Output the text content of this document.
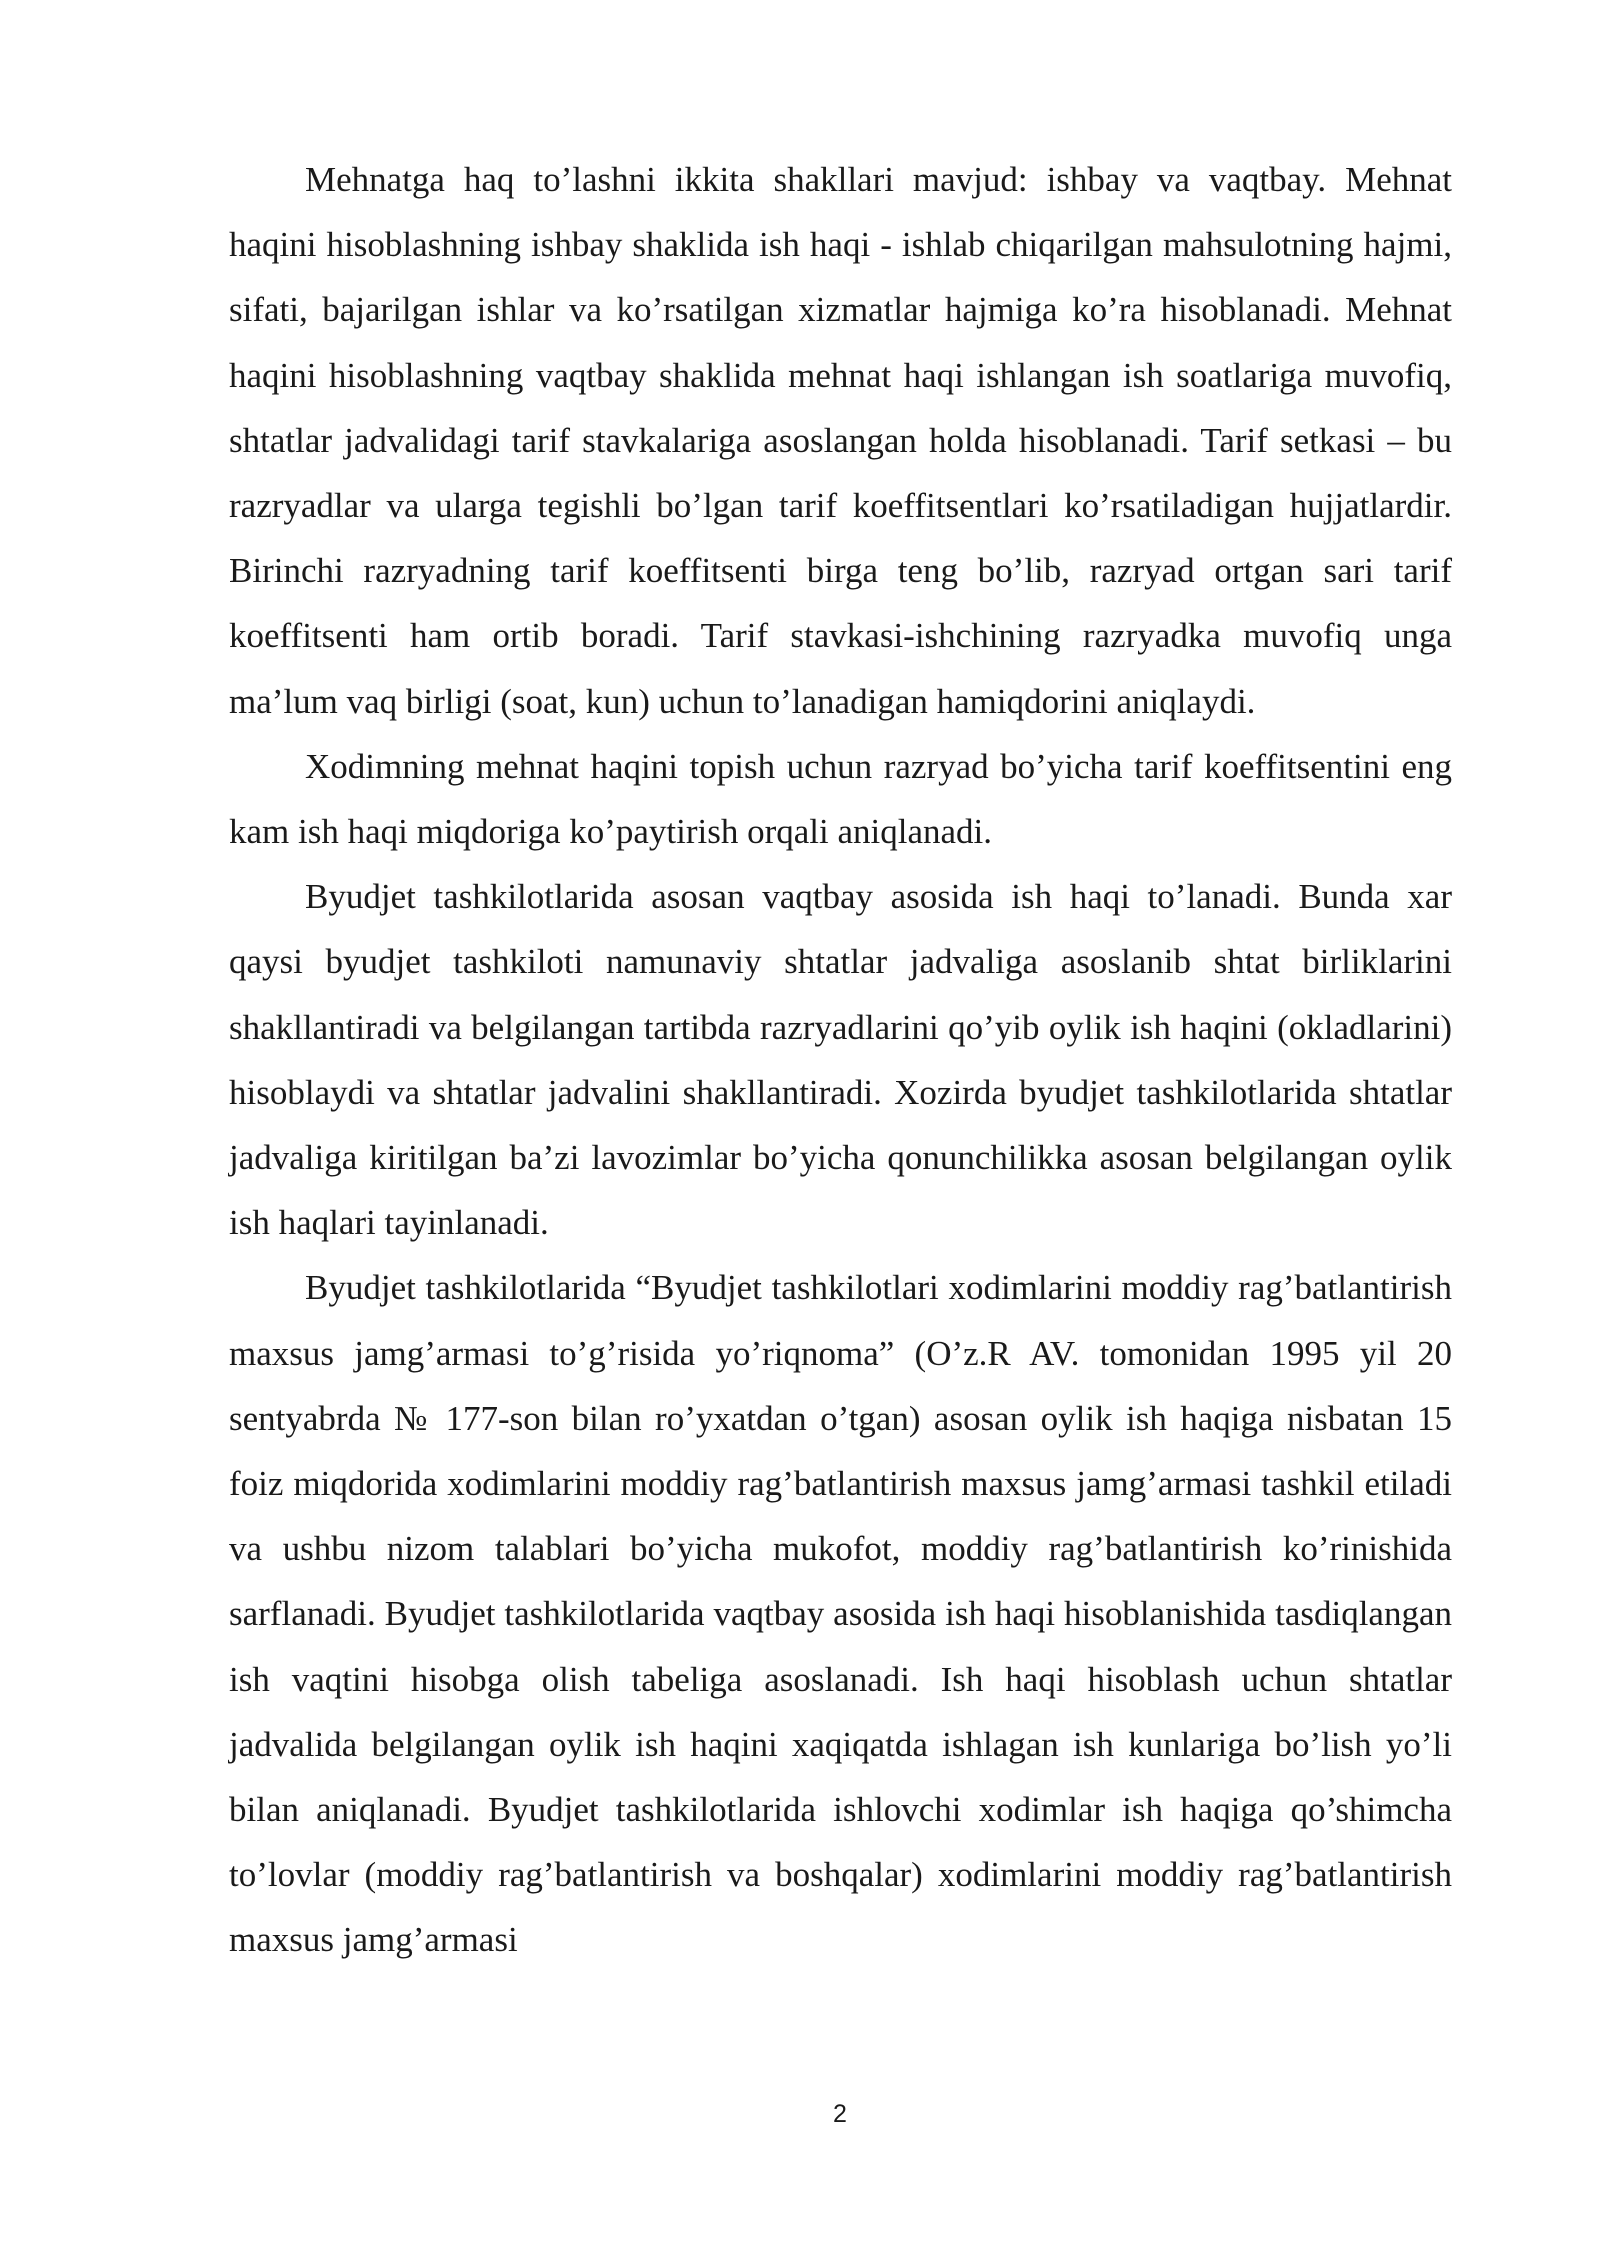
Mehnatga haq to’lashni ikkita shakllari mavjud: ishbay va vaqtbay. Mehnat haqini hisoblashning ishbay shaklida ish haqi - ishlab chiqarilgan mahsulotning hajmi, sifati, bajarilgan ishlar va ko’rsatilgan xizmatlar hajmiga ko’ra hisoblanadi. Mehnat haqini hisoblashning vaqtbay shaklida mehnat haqi ishlangan ish soatlariga muvofiq, shtatlar jadvalidagi tarif stavkalariga asoslangan holda hisoblanadi. Tarif setkasi – bu razryadlar va ularga tegishli bo’lgan tarif koeffitsentlari ko’rsatiladigan hujjatlardir. Birinchi razryadning tarif koeffitsenti birga teng bo’lib, razryad ortgan sari tarif koeffitsenti ham ortib boradi. Tarif stavkasi-ishchining razryadka muvofiq unga ma’lum vaq birligi (soat, kun) uchun to’lanadigan hamiqdorini aniqlaydi.

Xodimning mehnat haqini topish uchun razryad bo’yicha tarif koeffitsentini eng kam ish haqi miqdoriga ko’paytirish orqali aniqlanadi.

Byudjet tashkilotlarida asosan vaqtbay asosida ish haqi to’lanadi. Bunda xar qaysi byudjet tashkiloti namunaviy shtatlar jadvaliga asoslanib shtat birliklarini shakllantiradi va belgilangan tartibda razryadlarini qo’yib oylik ish haqini (okladlarini) hisoblaydi va shtatlar jadvalini shakllantiradi. Xozirda byudjet tashkilotlarida shtatlar jadvaliga kiritilgan ba’zi lavozimlar bo’yicha qonunchilikka asosan belgilangan oylik ish haqlari tayinlanadi.

Byudjet tashkilotlarida “Byudjet tashkilotlari xodimlarini moddiy rag’batlantirish maxsus jamg’armasi to’g’risida yo’riqnoma” (O’z.R AV. tomonidan 1995 yil 20 sentyabrda № 177-son bilan ro’yxatdan o’tgan) asosan oylik ish haqiga nisbatan 15 foiz miqdorida xodimlarini moddiy rag’batlantirish maxsus jamg’armasi tashkil etiladi va ushbu nizom talablari bo’yicha mukofot, moddiy rag’batlantirish ko’rinishida sarflanadi. Byudjet tashkilotlarida vaqtbay asosida ish haqi hisoblanishida tasdiqlangan ish vaqtini hisobga olish tabeliga asoslanadi. Ish haqi hisoblash uchun shtatlar jadvalida belgilangan oylik ish haqini xaqiqatda ishlagan ish kunlariga bo’lish yo’li bilan aniqlanadi. Byudjet tashkilotlarida ishlovchi xodimlar ish haqiga qo’shimcha to’lovlar (moddiy rag’batlantirish va boshqalar) xodimlarini moddiy rag’batlantirish maxsus jamg’armasi

2
